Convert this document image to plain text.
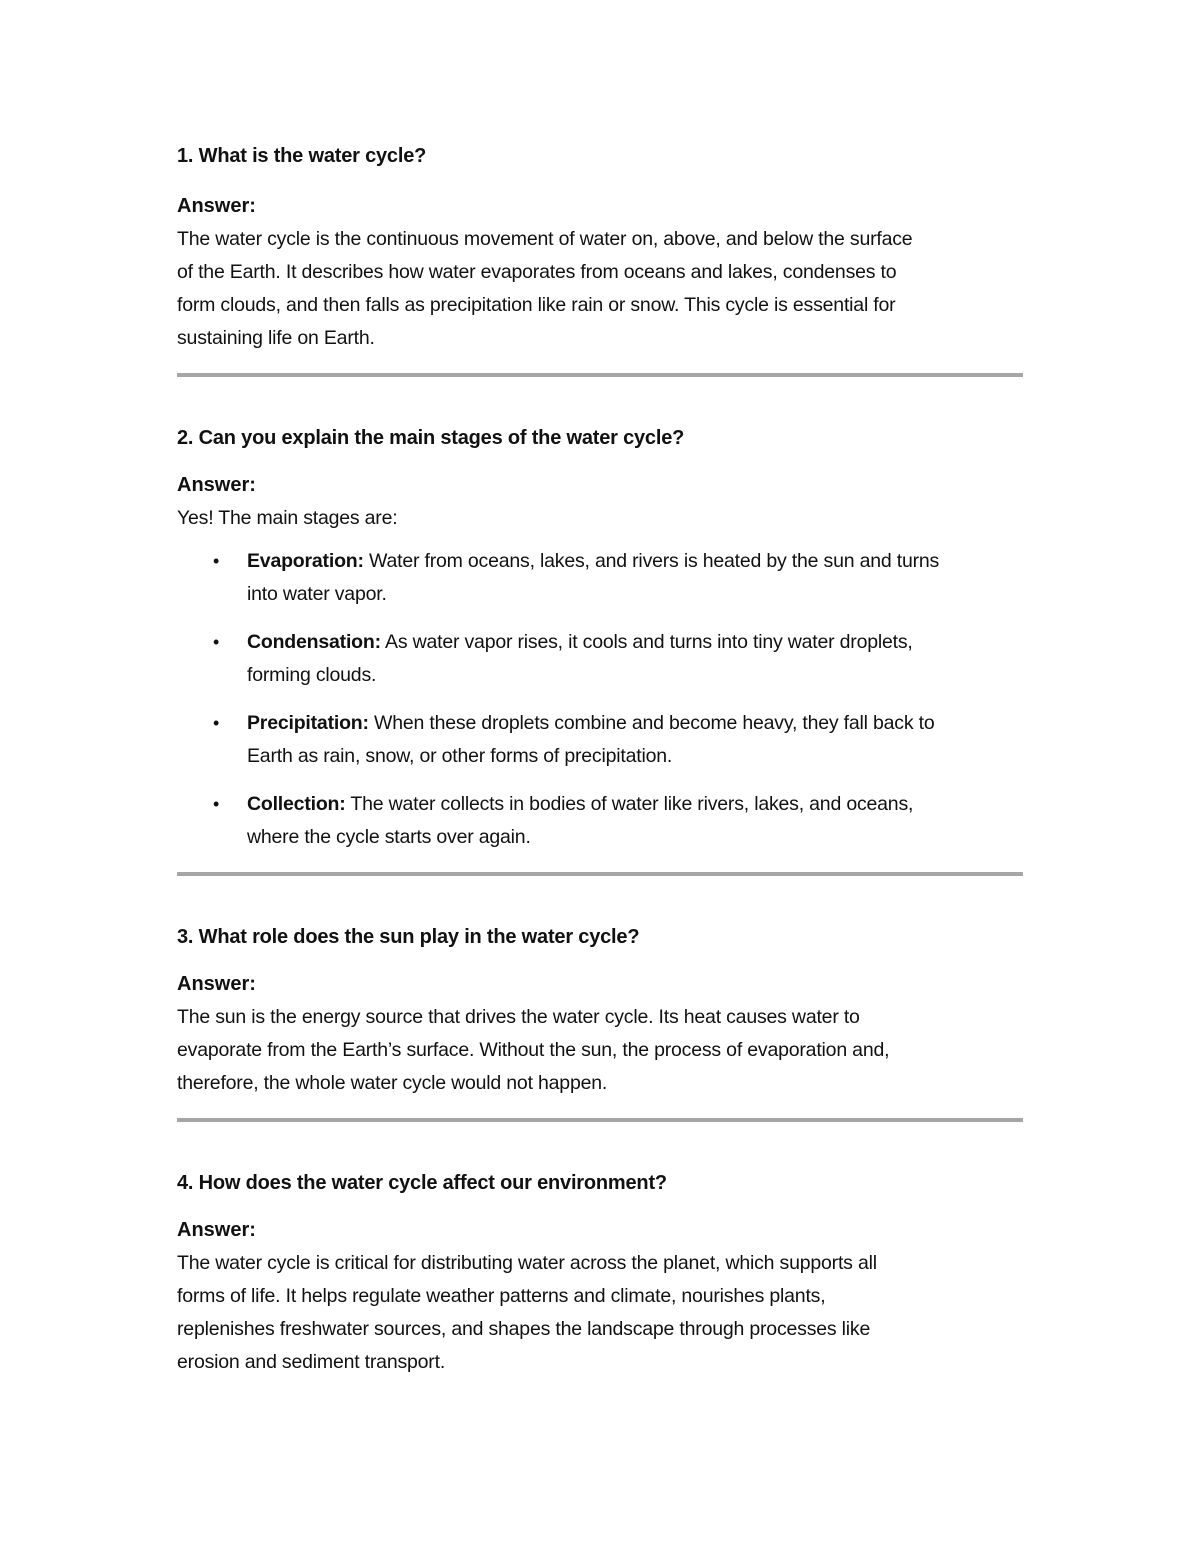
1. What is the water cycle?

Answer:

The water cycle is the continuous movement of water on, above, and below the surface

of the Earth. It describes how water evaporates from oceans and lakes, condenses to

form clouds, and then falls as precipitation like rain or snow. This cycle is essential for

sustaining life on Earth.

2. Can you explain the main stages of the water cycle?

Answer:

Yes! The main stages are:

• Evaporation: Water from oceans, lakes, and rivers is heated by the sun and turns
into water vapor.
• Condensation: As water vapor rises, it cools and turns into tiny water droplets,
forming clouds.
• Precipitation: When these droplets combine and become heavy, they fall back to
Earth as rain, snow, or other forms of precipitation.
• Collection: The water collects in bodies of water like rivers, lakes, and oceans,
where the cycle starts over again.

3. What role does the sun play in the water cycle?

Answer:

The sun is the energy source that drives the water cycle. Its heat causes water to

evaporate from the Earth’s surface. Without the sun, the process of evaporation and,

therefore, the whole water cycle would not happen.

4. How does the water cycle affect our environment?

Answer:

The water cycle is critical for distributing water across the planet, which supports all

forms of life. It helps regulate weather patterns and climate, nourishes plants,

replenishes freshwater sources, and shapes the landscape through processes like

erosion and sediment transport.
